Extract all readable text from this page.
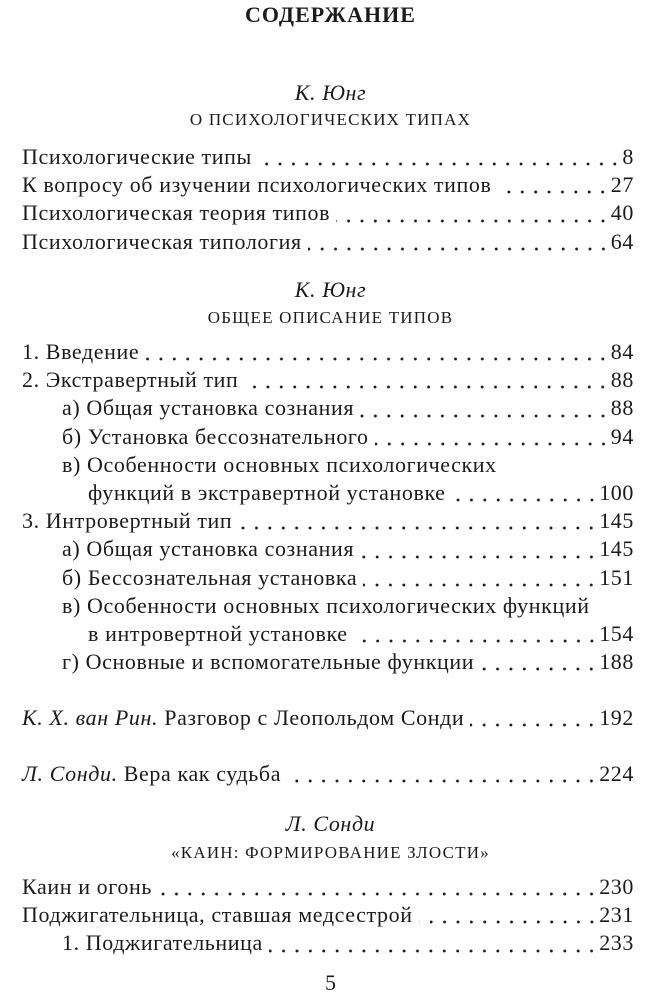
СОДЕРЖАНИЕ
К. Юнг
О ПСИХОЛОГИЧЕСКИХ ТИПАХ
Психологические типы	8
К вопросу об изучении психологических типов	27
Психологическая теория типов	40
Психологическая типология	64
К. Юнг
ОБЩЕЕ ОПИСАНИЕ ТИПОВ
1. Введение	84
2. Экстравертный тип	88
а) Общая установка сознания	88
б) Установка бессознательного	94
в) Особенности основных психологических
функций в экстравертной установке	100
3. Интровертный тип	145
а) Общая установка сознания	145
б) Бессознательная установка	151
в) Особенности основных психологических функций
в интровертной установке	154
г) Основные и вспомогательные функции	188
К. Х. ван Рин. Разговор с Леопольдом Сонди	192
Л. Сонди. Вера как судьба	224
Л. Сонди
«КАИН: ФОРМИРОВАНИЕ ЗЛОСТИ»
Каин и огонь	230
Поджигательница, ставшая медсестрой	231
1. Поджигательница	233
5
